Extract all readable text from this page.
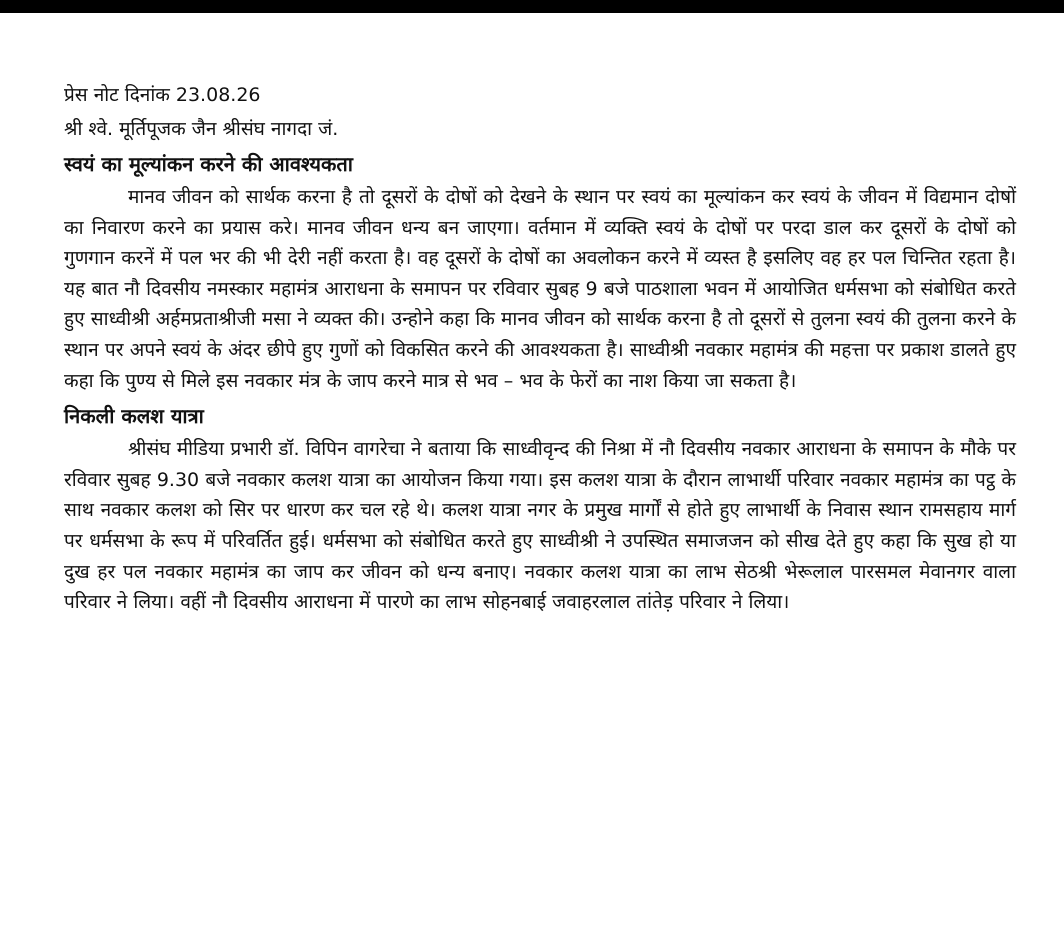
प्रेस नोट दिनांक 23.08.26

श्री श्वे. मूर्तिपूजक जैन श्रीसंघ नागदा जं.

स्वयं का मूल्यांकन करने की आवश्यकता

मानव जीवन को सार्थक करना है तो दूसरों के दोषों को देखने के स्थान पर स्वयं का मूल्यांकन कर स्वयं के जीवन में विद्यमान दोषों का निवारण करने का प्रयास करे। मानव जीवन धन्य बन जाएगा। वर्तमान में व्यक्ति स्वयं के दोषों पर परदा डाल कर दूसरों के दोषों को गुणगान करनें में पल भर की भी देरी नहीं करता है। वह दूसरों के दोषों का अवलोकन करने में व्यस्त है इसलिए वह हर पल चिन्तित रहता है। यह बात नौ दिवसीय नमस्कार महामंत्र आराधना के समापन पर रविवार सुबह 9 बजे पाठशाला भवन में आयोजित धर्मसभा को संबोधित करते हुए साध्वीश्री अर्हमप्रताश्रीजी मसा ने व्यक्त की। उन्होने कहा कि मानव जीवन को सार्थक करना है तो दूसरों से तुलना स्वयं की तुलना करने के स्थान पर अपने स्वयं के अंदर छीपे हुए गुणों को विकसित करने की आवश्यकता है। साध्वीश्री नवकार महामंत्र की महत्ता पर प्रकाश डालते हुए कहा कि पुण्य से मिले इस नवकार मंत्र के जाप करने मात्र से भव – भव के फेरों का नाश किया जा सकता है।

निकली कलश यात्रा

श्रीसंघ मीडिया प्रभारी डॉ. विपिन वागरेचा ने बताया कि साध्वीवृन्द की निश्रा में नौ दिवसीय नवकार आराधना के समापन के मौके पर रविवार सुबह 9.30 बजे नवकार कलश यात्रा का आयोजन किया गया। इस कलश यात्रा के दौरान लाभार्थी परिवार नवकार महामंत्र का पट्ठ के साथ नवकार कलश को सिर पर धारण कर चल रहे थे। कलश यात्रा नगर के प्रमुख मार्गों से होते हुए लाभार्थी के निवास स्थान रामसहाय मार्ग पर धर्मसभा के रूप में परिवर्तित हुई। धर्मसभा को संबोधित करते हुए साध्वीश्री ने उपस्थित समाजजन को सीख देते हुए कहा कि सुख हो या दुख हर पल नवकार महामंत्र का जाप कर जीवन को धन्य बनाए। नवकार कलश यात्रा का लाभ सेठश्री भेरूलाल पारसमल मेवानगर वाला परिवार ने लिया। वहीं नौ दिवसीय आराधना में पारणे का लाभ सोहनबाई जवाहरलाल तांतेड़ परिवार ने लिया।
